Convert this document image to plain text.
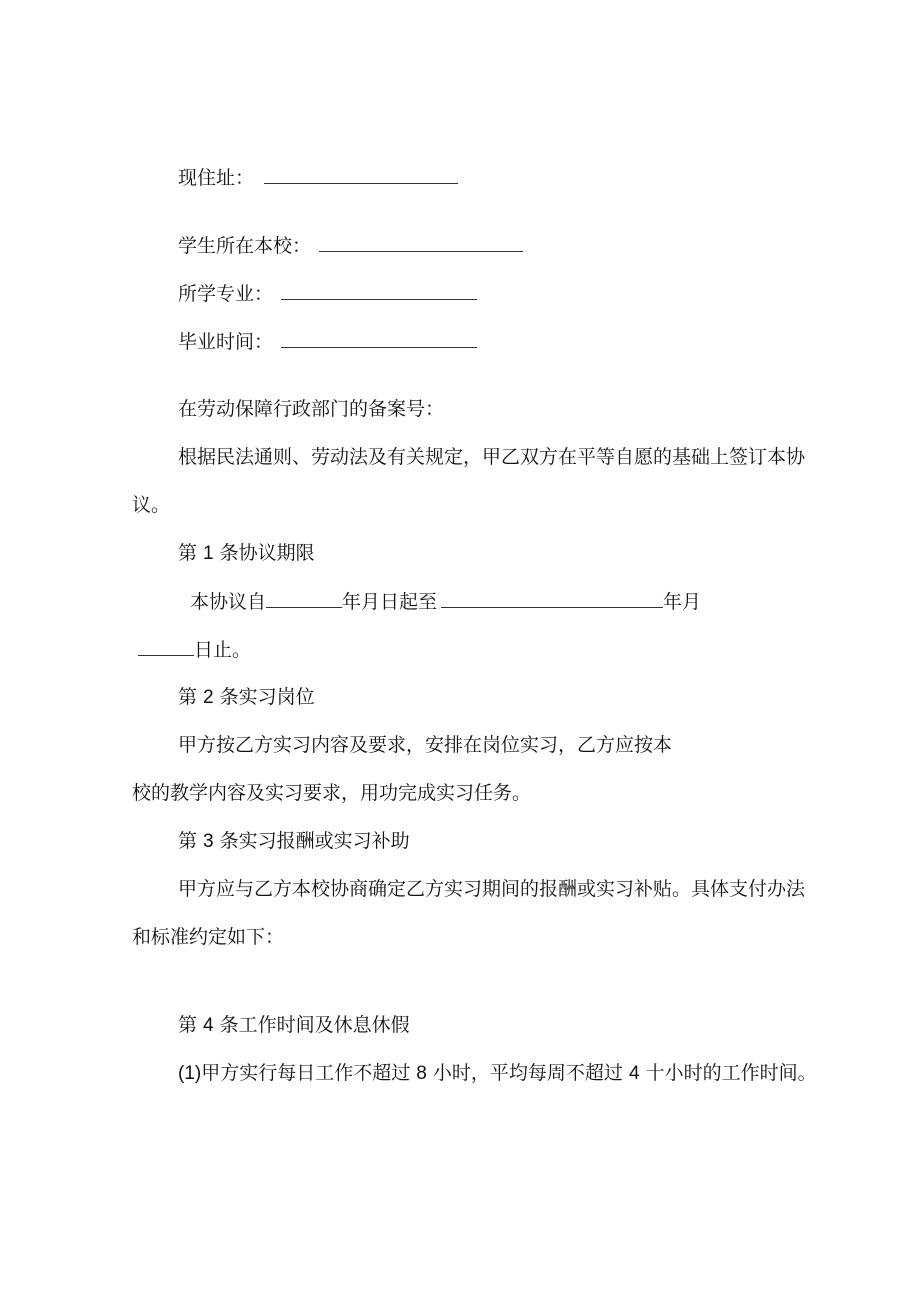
现住址：
学生所在本校：
所学专业：
毕业时间：
在劳动保障行政部门的备案号：
根据民法通则、劳动法及有关规定，甲乙双方在平等自愿的基础上签订本协
议。
第 1 条协议期限
本协议自	年月日起至	年月
日止。
第 2 条实习岗位
甲方按乙方实习内容及要求，安排在岗位实习，乙方应按本
校的教学内容及实习要求，用功完成实习任务。
第 3 条实习报酬或实习补助
甲方应与乙方本校协商确定乙方实习期间的报酬或实习补贴。具体支付办法
和标准约定如下：
第 4 条工作时间及休息休假
(1)甲方实行每日工作不超过 8 小时，平均每周不超过 4 十小时的工作时间。
